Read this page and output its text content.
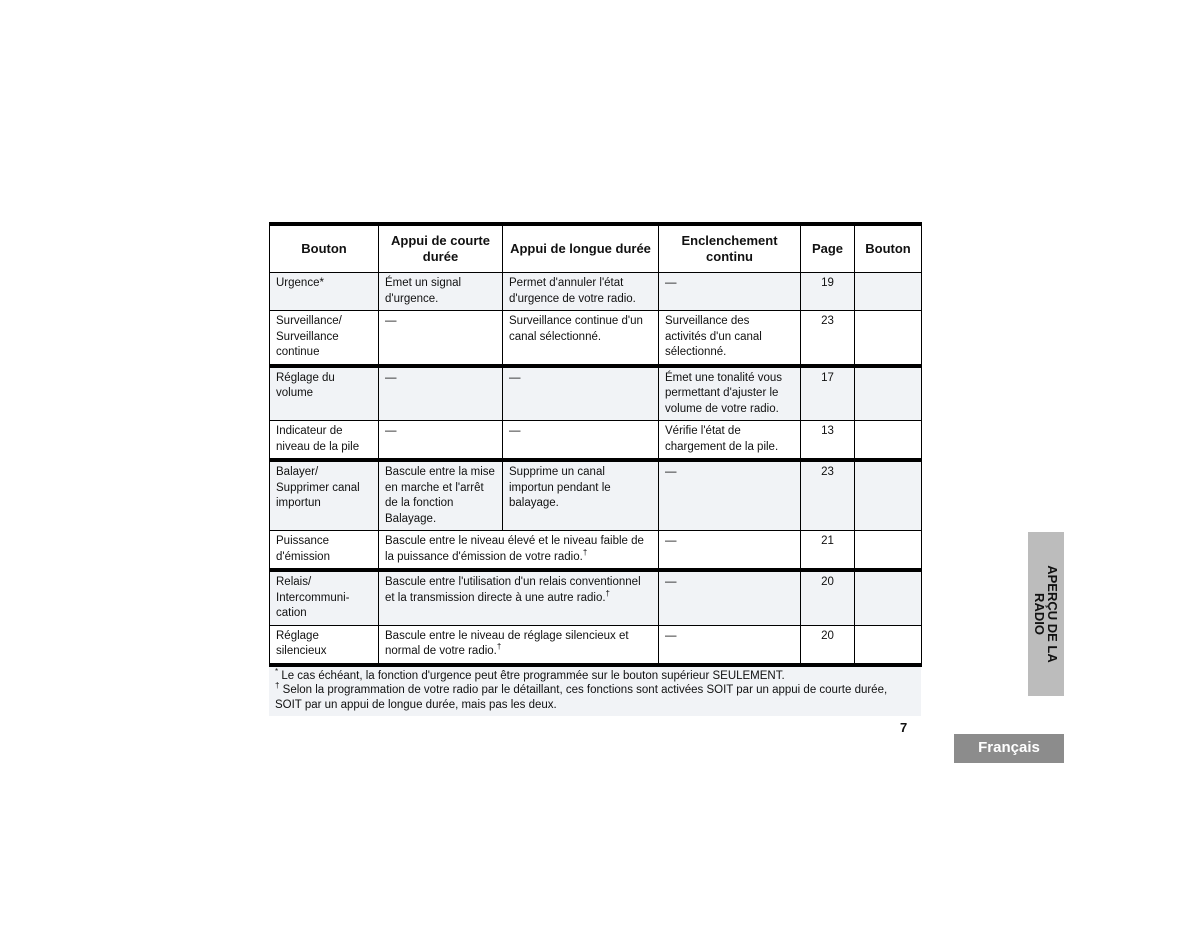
Bouton	Appui de courte durée	Appui de longue durée	Enclenchement continu	Page	Bouton
Urgence*	Émet un signal d'urgence.	Permet d'annuler l'état d'urgence de votre radio.	—	19	
Surveillance/ Surveillance continue	—	Surveillance continue d'un canal sélectionné.	Surveillance des activités d'un canal sélectionné.	23	
Réglage du volume	—	—	Émet une tonalité vous permettant d'ajuster le volume de votre radio.	17	
Indicateur de niveau de la pile	—	—	Vérifie l'état de chargement de la pile.	13	
Balayer/ Supprimer canal importun	Bascule entre la mise en marche et l'arrêt de la fonction Balayage.	Supprime un canal importun pendant le balayage.	—	23	
Puissance d'émission	Bascule entre le niveau élevé et le niveau faible de la puissance d'émission de votre radio.†		—	21	
Relais/ Intercommuni-cation	Bascule entre l'utilisation d'un relais conventionnel et la transmission directe à une autre radio.†		—	20	
Réglage silencieux	Bascule entre le niveau de réglage silencieux et normal de votre radio.†		—	20	

* Le cas échéant, la fonction d'urgence peut être programmée sur le bouton supérieur SEULEMENT.

† Selon la programmation de votre radio par le détaillant, ces fonctions sont activées SOIT par un appui de courte durée, SOIT par un appui de longue durée, mais pas les deux.

7
APERÇU DE LA
RADIO
Français
